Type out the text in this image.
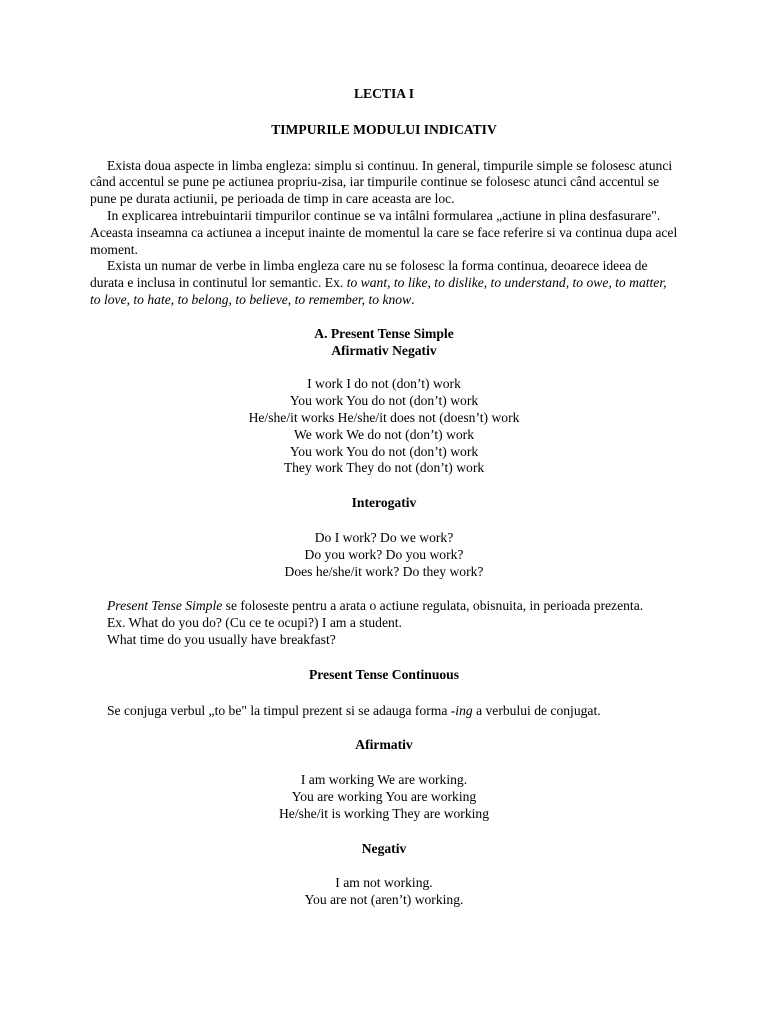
LECTIA I
TIMPURILE MODULUI INDICATIV
Exista doua aspecte in limba engleza: simplu si continuu. In general, timpurile simple se folosesc atunci când accentul se pune pe actiunea propriu-zisa, iar timpurile continue se folosesc atunci când accentul se pune pe durata actiunii, pe perioada de timp in care aceasta are loc.
In explicarea intrebuintarii timpurilor continue se va intâlni formularea „actiune in plina desfasurare". Aceasta inseamna ca actiunea a inceput inainte de momentul la care se face referire si va continua dupa acel moment.
Exista un numar de verbe in limba engleza care nu se folosesc la forma continua, deoarece ideea de durata e inclusa in continutul lor semantic. Ex. to want, to like, to dislike, to understand, to owe, to matter, to love, to hate, to belong, to believe, to remember, to know.
A. Present Tense Simple
Afirmativ Negativ
I work I do not (don’t) work
You work You do not (don’t) work
He/she/it works He/she/it does not (doesn’t) work
We work We do not (don’t) work
You work You do not (don’t) work
They work They do not (don’t) work
Interogativ
Do I work? Do we work?
Do you work? Do you work?
Does he/she/it work? Do they work?
Present Tense Simple se foloseste pentru a arata o actiune regulata, obisnuita, in perioada prezenta.
Ex. What do you do? (Cu ce te ocupi?) I am a student.
What time do you usually have breakfast?
Present Tense Continuous
Se conjuga verbul „to be" la timpul prezent si se adauga forma -ing a verbului de conjugat.
Afirmativ
I am working We are working.
You are working You are working
He/she/it is working They are working
Negativ
I am not working.
You are not (aren’t) working.
